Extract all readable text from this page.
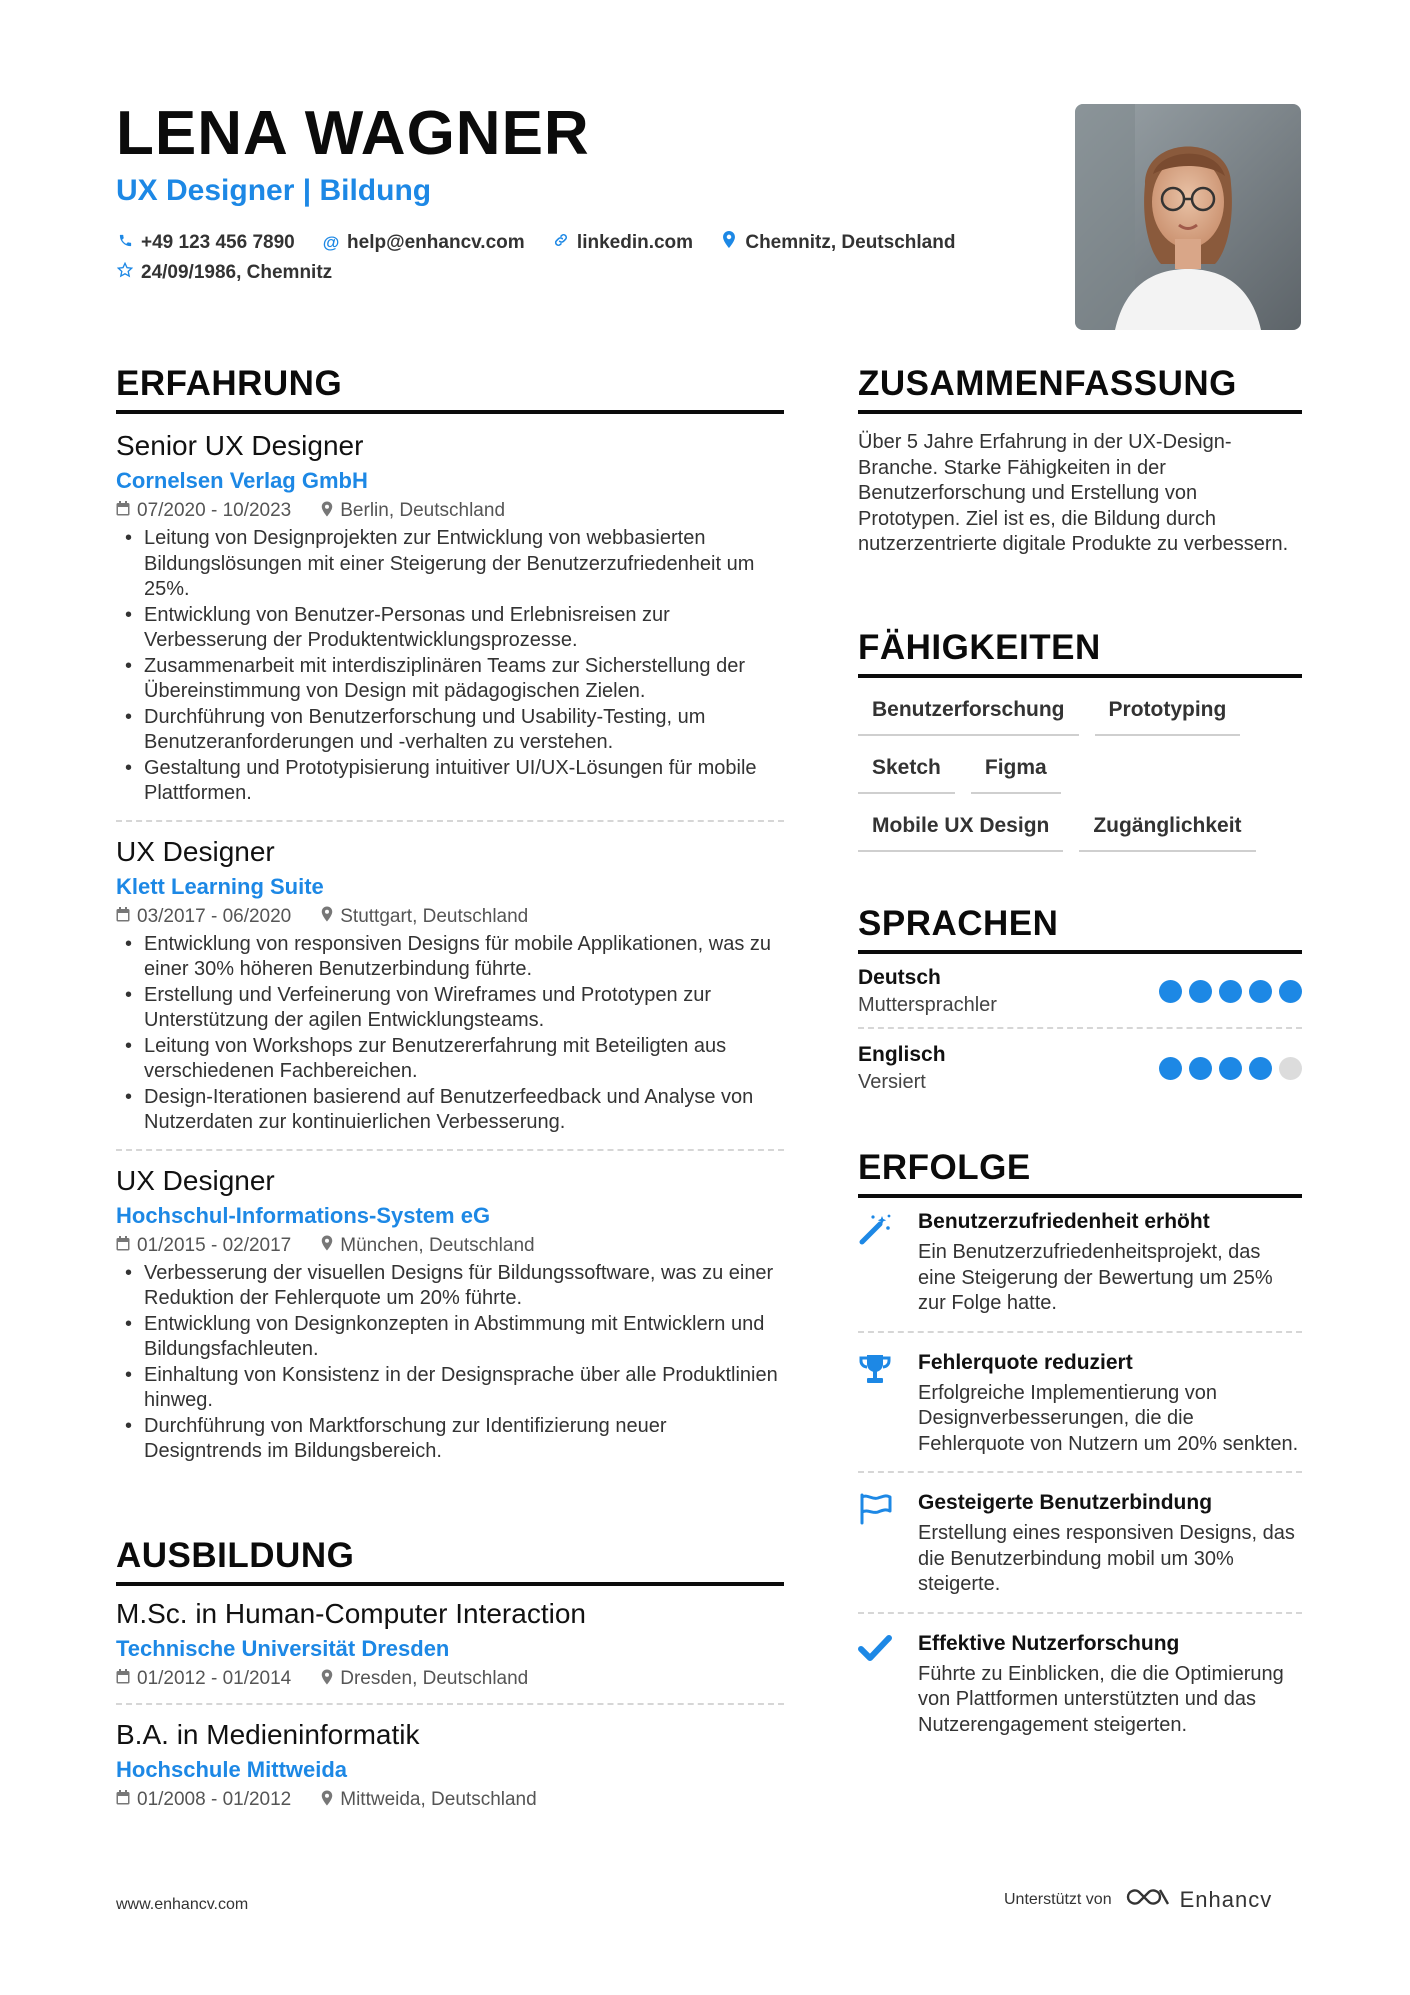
LENA WAGNER
UX Designer | Bildung
+49 123 456 7890
@ help@enhancv.com
	linkedin.com
	Chemnitz, Deutschland

24/09/1986, Chemnitz
ERFAHRUNG
Senior UX Designer
Cornelsen Verlag GmbH
07/2020 - 10/2023	Berlin, Deutschland
• Leitung von Designprojekten zur Entwicklung von webbasierten Bildungslösungen mit einer Steigerung der Benutzerzufriedenheit um 25%.
• Entwicklung von Benutzer-Personas und Erlebnisreisen zur Verbesserung der Produktentwicklungsprozesse.
• Zusammenarbeit mit interdisziplinären Teams zur Sicherstellung der Übereinstimmung von Design mit pädagogischen Zielen.
• Durchführung von Benutzerforschung und Usability-Testing, um Benutzeranforderungen und -verhalten zu verstehen.
• Gestaltung und Prototypisierung intuitiver UI/UX-Lösungen für mobile Plattformen.
UX Designer
Klett Learning Suite
03/2017 - 06/2020	Stuttgart, Deutschland
• Entwicklung von responsiven Designs für mobile Applikationen, was zu einer 30% höheren Benutzerbindung führte.
• Erstellung und Verfeinerung von Wireframes und Prototypen zur Unterstützung der agilen Entwicklungsteams.
• Leitung von Workshops zur Benutzererfahrung mit Beteiligten aus verschiedenen Fachbereichen.
• Design-Iterationen basierend auf Benutzerfeedback und Analyse von Nutzerdaten zur kontinuierlichen Verbesserung.
UX Designer
Hochschul-Informations-System eG
01/2015 - 02/2017	München, Deutschland
• Verbesserung der visuellen Designs für Bildungssoftware, was zu einer Reduktion der Fehlerquote um 20% führte.
• Entwicklung von Designkonzepten in Abstimmung mit Entwicklern und Bildungsfachleuten.
• Einhaltung von Konsistenz in der Designsprache über alle Produktlinien hinweg.
• Durchführung von Marktforschung zur Identifizierung neuer Designtrends im Bildungsbereich.
AUSBILDUNG
M.Sc. in Human-Computer Interaction
Technische Universität Dresden
01/2012 - 01/2014	Dresden, Deutschland
B.A. in Medieninformatik
Hochschule Mittweida
01/2008 - 01/2012	Mittweida, Deutschland
ZUSAMMENFASSUNG
Über 5 Jahre Erfahrung in der UX-Design-Branche. Starke Fähigkeiten in der Benutzerforschung und Erstellung von Prototypen. Ziel ist es, die Bildung durch nutzerzentrierte digitale Produkte zu verbessern.
FÄHIGKEITEN
Benutzerforschung	Prototyping
Sketch	Figma
Mobile UX Design	Zugänglichkeit
SPRACHEN
Deutsch
Muttersprachler
Englisch
Versiert
ERFOLGE
Benutzerzufriedenheit erhöht
Ein Benutzerzufriedenheitsprojekt, das eine Steigerung der Bewertung um 25% zur Folge hatte.
Fehlerquote reduziert
Erfolgreiche Implementierung von Designverbesserungen, die die Fehlerquote von Nutzern um 20% senkten.
Gesteigerte Benutzerbindung
Erstellung eines responsiven Designs, das die Benutzerbindung mobil um 30% steigerte.
Effektive Nutzerforschung
Führte zu Einblicken, die die Optimierung von Plattformen unterstützten und das Nutzerengagement steigerten.
www.enhancv.com	Unterstützt von	Enhancv
